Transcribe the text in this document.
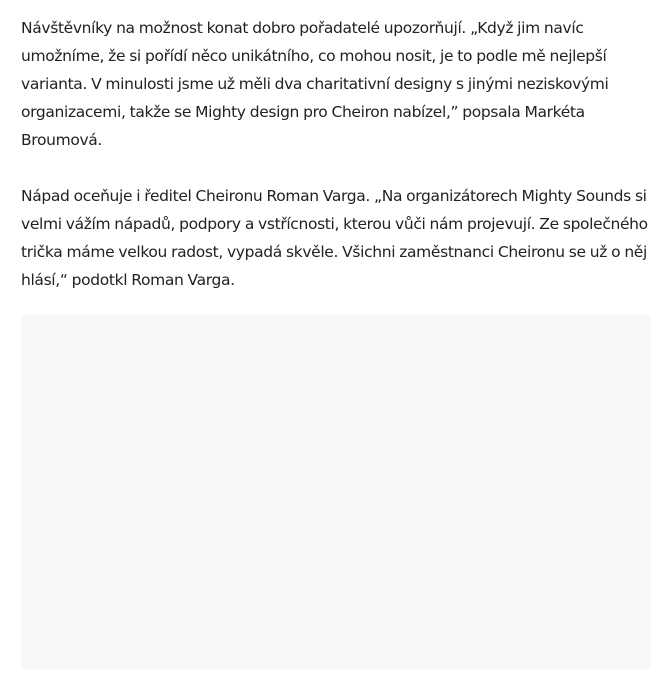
Návštěvníky na možnost konat dobro pořadatelé upozorňují. „Když jim navíc umožníme, že si pořídí něco unikátního, co mohou nosit, je to podle mě nejlepší varianta. V minulosti jsme už měli dva charitativní designy s jinými neziskovými organizacemi, takže se Mighty design pro Cheiron nabízel,” popsala Markéta Broumová.

Nápad oceňuje i ředitel Cheironu Roman Varga. „Na organizátorech Mighty Sounds si velmi vážím nápadů, podpory a vstřícnosti, kterou vůči nám projevují. Ze společného trička máme velkou radost, vypadá skvěle. Všichni zaměstnanci Cheironu se už o něj hlásí,“ podotkl Roman Varga.
